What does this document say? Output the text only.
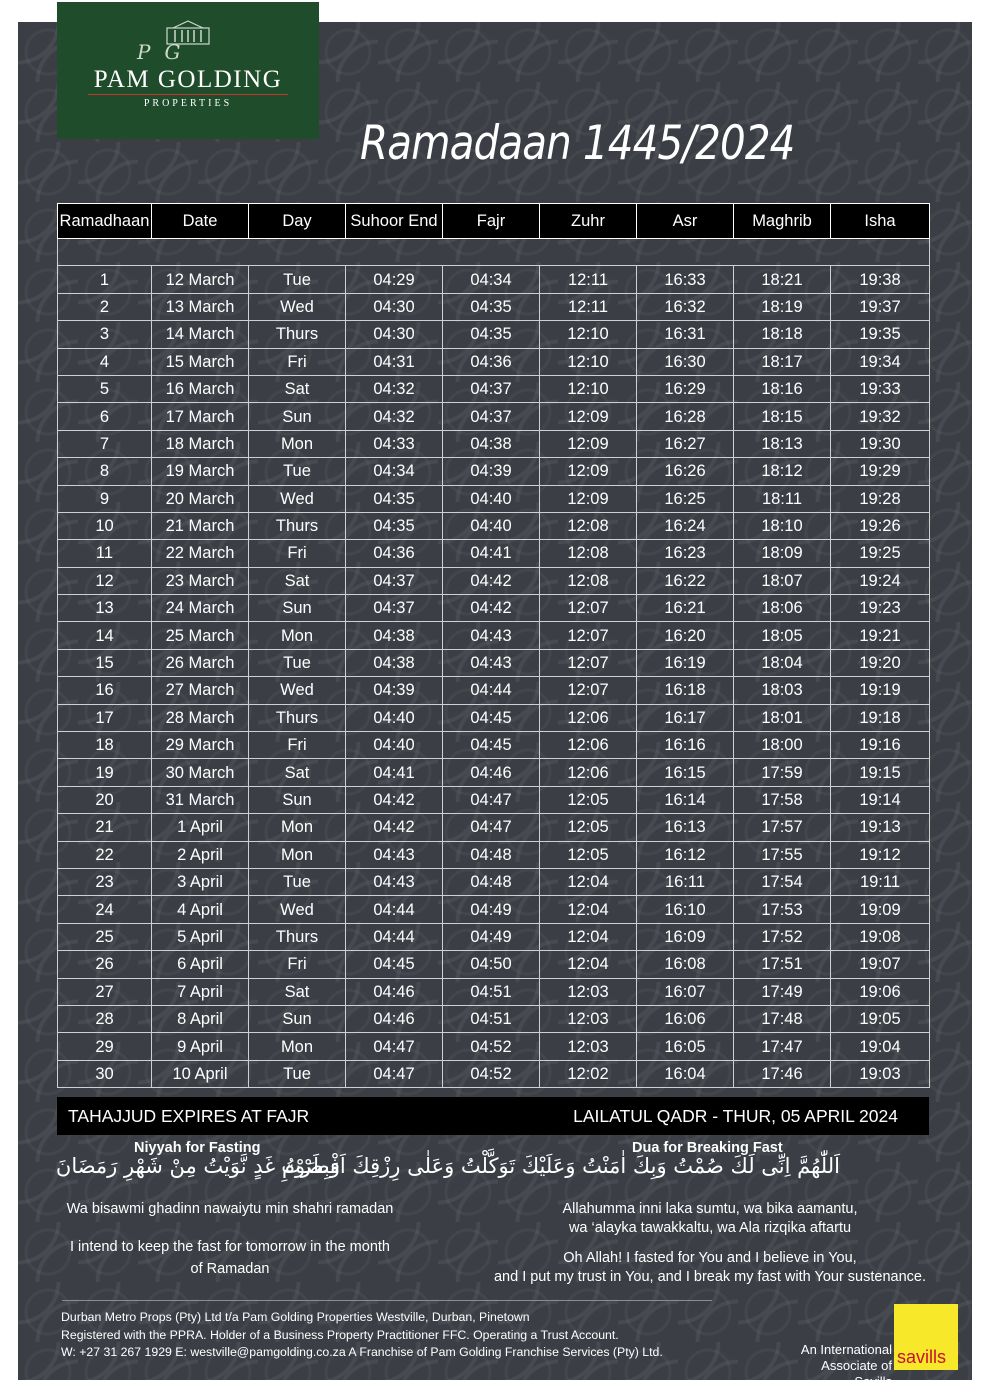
PG
PAM GOLDING
PROPERTIES
Ramadaan 1445/2024
Ramadhaan	Date	Day	Suhoor End	Fajr	Zuhr	Asr	Maghrib	Isha

1	12 March	Tue	04:29	04:34	12:11	16:33	18:21	19:38
2	13 March	Wed	04:30	04:35	12:11	16:32	18:19	19:37
3	14 March	Thurs	04:30	04:35	12:10	16:31	18:18	19:35
4	15 March	Fri	04:31	04:36	12:10	16:30	18:17	19:34
5	16 March	Sat	04:32	04:37	12:10	16:29	18:16	19:33
6	17 March	Sun	04:32	04:37	12:09	16:28	18:15	19:32
7	18 March	Mon	04:33	04:38	12:09	16:27	18:13	19:30
8	19 March	Tue	04:34	04:39	12:09	16:26	18:12	19:29
9	20 March	Wed	04:35	04:40	12:09	16:25	18:11	19:28
10	21 March	Thurs	04:35	04:40	12:08	16:24	18:10	19:26
11	22 March	Fri	04:36	04:41	12:08	16:23	18:09	19:25
12	23 March	Sat	04:37	04:42	12:08	16:22	18:07	19:24
13	24 March	Sun	04:37	04:42	12:07	16:21	18:06	19:23
14	25 March	Mon	04:38	04:43	12:07	16:20	18:05	19:21
15	26 March	Tue	04:38	04:43	12:07	16:19	18:04	19:20
16	27 March	Wed	04:39	04:44	12:07	16:18	18:03	19:19
17	28 March	Thurs	04:40	04:45	12:06	16:17	18:01	19:18
18	29 March	Fri	04:40	04:45	12:06	16:16	18:00	19:16
19	30 March	Sat	04:41	04:46	12:06	16:15	17:59	19:15
20	31 March	Sun	04:42	04:47	12:05	16:14	17:58	19:14
21	1 April	Mon	04:42	04:47	12:05	16:13	17:57	19:13
22	2 April	Mon	04:43	04:48	12:05	16:12	17:55	19:12
23	3 April	Tue	04:43	04:48	12:04	16:11	17:54	19:11
24	4 April	Wed	04:44	04:49	12:04	16:10	17:53	19:09
25	5 April	Thurs	04:44	04:49	12:04	16:09	17:52	19:08
26	6 April	Fri	04:45	04:50	12:04	16:08	17:51	19:07
27	7 April	Sat	04:46	04:51	12:03	16:07	17:49	19:06
28	8 April	Sun	04:46	04:51	12:03	16:06	17:48	19:05
29	9 April	Mon	04:47	04:52	12:03	16:05	17:47	19:04
30	10 April	Tue	04:47	04:52	12:02	16:04	17:46	19:03
TAHAJJUD EXPIRES AT FAJR	LAILATUL QADR - THUR, 05 APRIL 2024
Niyyah for Fasting	Dua for Breaking Fast
وَبِصَوْمِ غَدٍ نَّوَيْتُ مِنْ شَهْرِ رَمَضَانَ
اَللّٰهُمَّ اِنِّى لَكَ صُمْتُ وَبِكَ اٰمَنْتُ وَعَلَيْكَ تَوَكَّلْتُ وَعَلٰى رِزْقِكَ اَفْطَرْتُ
Wa bisawmi ghadinn nawaiytu min shahri ramadan
I intend to keep the fast for tomorrow in the month
of Ramadan
Allahumma inni laka sumtu, wa bika aamantu,
wa ‘alayka tawakkaltu, wa Ala rizqika aftartu
Oh Allah! I fasted for You and I believe in You,
and I put my trust in You, and I break my fast with Your sustenance.
Durban Metro Props (Pty) Ltd t/a Pam Golding Properties Westville, Durban, Pinetown
Registered with the PPRA. Holder of a Business Property Practitioner FFC. Operating a Trust Account.
W: +27 31 267 1929 E: westville@pamgolding.co.za A Franchise of Pam Golding Franchise Services (Pty) Ltd.	An International
Associate of Savills
savills
